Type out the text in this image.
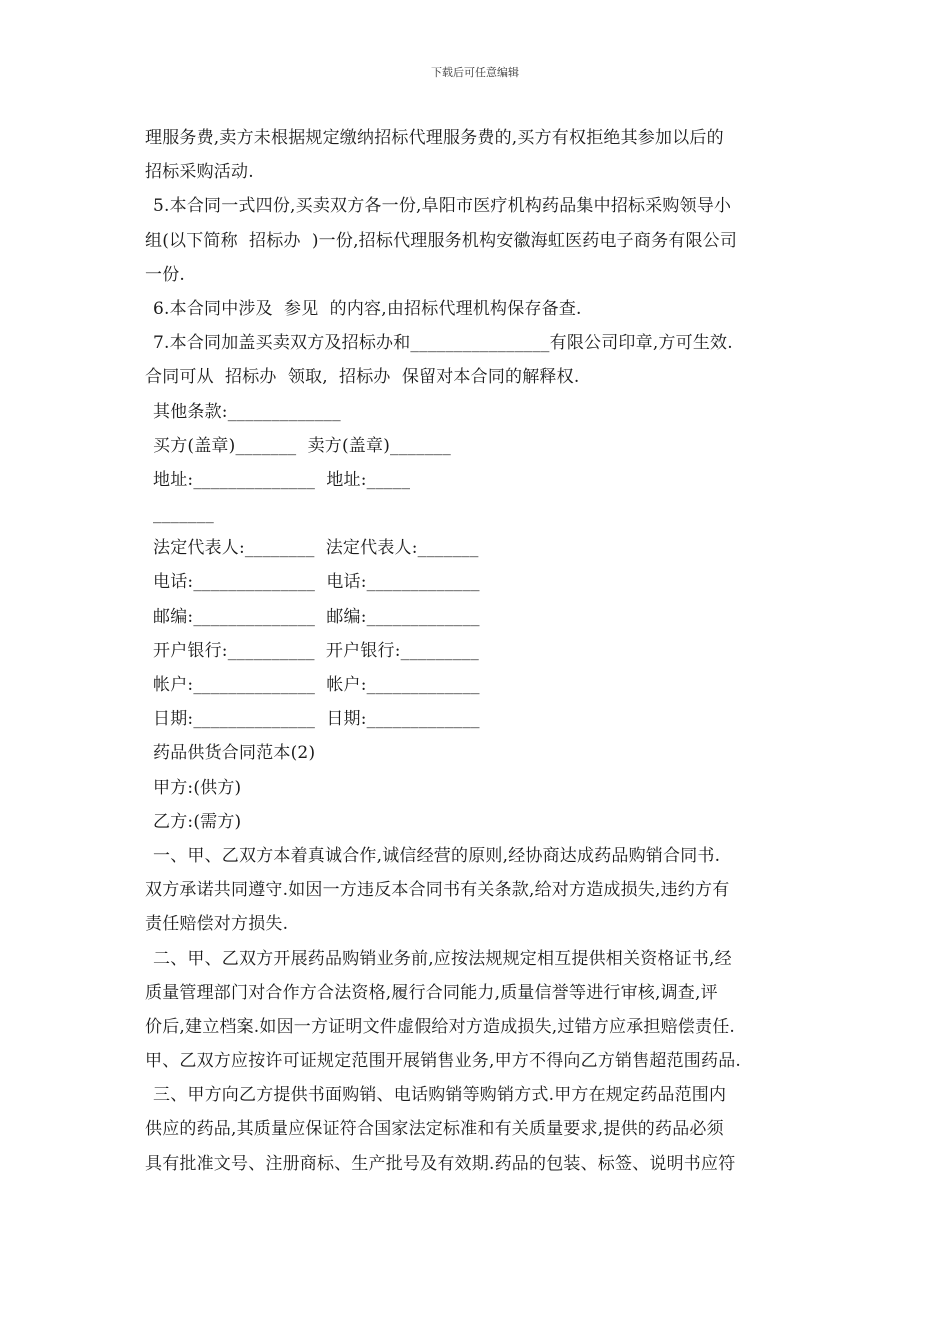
下载后可任意编辑

理服务费,卖方未根据规定缴纳招标代理服务费的,买方有权拒绝其参加以后的

招标采购活动.

5.本合同一式四份,买卖双方各一份,阜阳市医疗机构药品集中招标采购领导小

组(以下简称  招标办  )一份,招标代理服务机构安徽海虹医药电子商务有限公司

一份.

6.本合同中涉及  参见  的内容,由招标代理机构保存备查.

7.本合同加盖买卖双方及招标办和________________有限公司印章,方可生效.

合同可从  招标办  领取,  招标办  保留对本合同的解释权.

其他条款:_____________

买方(盖章)_______  卖方(盖章)_______

地址:______________  地址:_____

_______

法定代表人:________  法定代表人:_______

电话:______________  电话:_____________

邮编:______________  邮编:_____________

开户银行:__________  开户银行:_________

帐户:______________  帐户:_____________

日期:______________  日期:_____________

药品供货合同范本(2)

甲方:(供方)

乙方:(需方)

一、甲、乙双方本着真诚合作,诚信经营的原则,经协商达成药品购销合同书.

双方承诺共同遵守.如因一方违反本合同书有关条款,给对方造成损失,违约方有

责任赔偿对方损失.

二、甲、乙双方开展药品购销业务前,应按法规规定相互提供相关资格证书,经

质量管理部门对合作方合法资格,履行合同能力,质量信誉等进行审核,调查,评

价后,建立档案.如因一方证明文件虚假给对方造成损失,过错方应承担赔偿责任.

甲、乙双方应按许可证规定范围开展销售业务,甲方不得向乙方销售超范围药品.

三、甲方向乙方提供书面购销、电话购销等购销方式.甲方在规定药品范围内

供应的药品,其质量应保证符合国家法定标准和有关质量要求,提供的药品必须

具有批准文号、注册商标、生产批号及有效期.药品的包装、标签、说明书应符
